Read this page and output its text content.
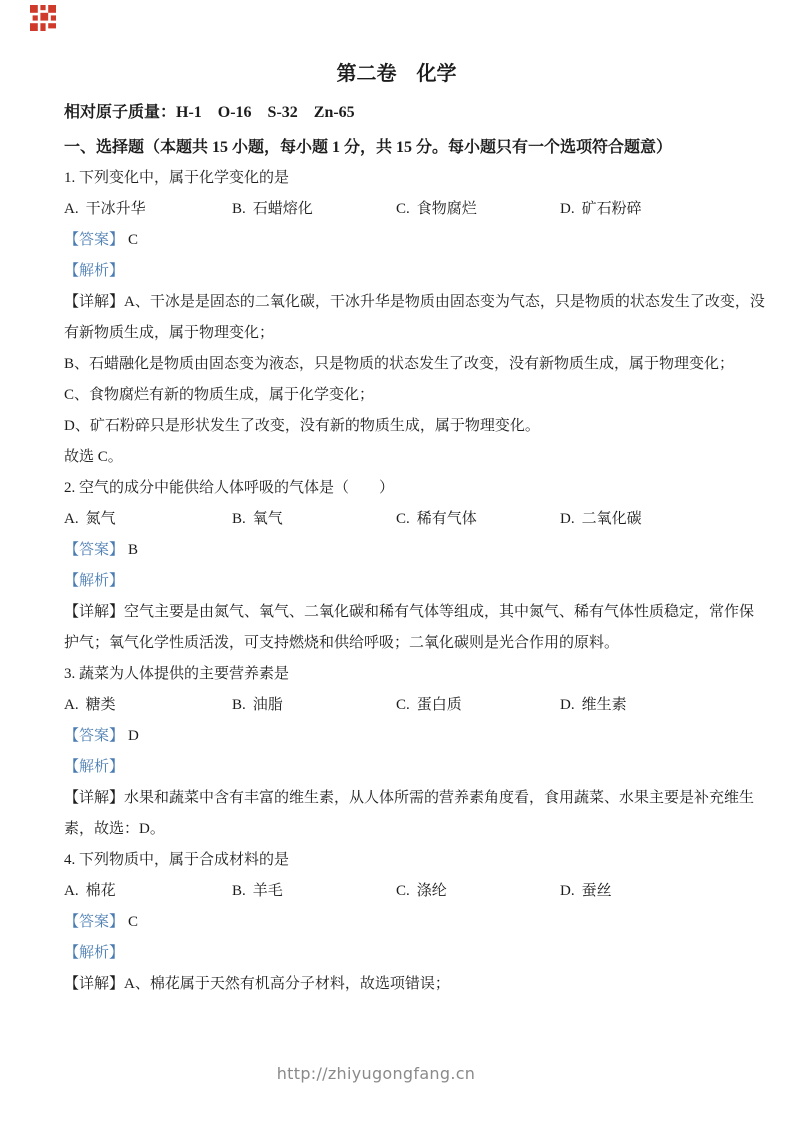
第二卷　化学
相对原子质量：H-1　O-16　S-32　Zn-65
一、选择题（本题共 15 小题，每小题 1 分，共 15 分。每小题只有一个选项符合题意）
1. 下列变化中，属于化学变化的是
A. 干冰升华	B. 石蜡熔化	C. 食物腐烂	D. 矿石粉碎
【答案】 C
【解析】
【详解】A、干冰是是固态的二氧化碳，干冰升华是物质由固态变为气态，只是物质的状态发生了改变，没
有新物质生成，属于物理变化；
B、石蜡融化是物质由固态变为液态，只是物质的状态发生了改变，没有新物质生成，属于物理变化；
C、食物腐烂有新的物质生成，属于化学变化；
D、矿石粉碎只是形状发生了改变，没有新的物质生成，属于物理变化。
故选 C。
2. 空气的成分中能供给人体呼吸的气体是（　　）
A. 氮气	B. 氧气	C. 稀有气体	D. 二氧化碳
【答案】 B
【解析】
【详解】空气主要是由氮气、氧气、二氧化碳和稀有气体等组成，其中氮气、稀有气体性质稳定，常作保
护气；氧气化学性质活泼，可支持燃烧和供给呼吸；二氧化碳则是光合作用的原料。
3. 蔬菜为人体提供的主要营养素是
A. 糖类	B. 油脂	C. 蛋白质	D. 维生素
【答案】 D
【解析】
【详解】水果和蔬菜中含有丰富的维生素，从人体所需的营养素角度看，食用蔬菜、水果主要是补充维生
素，故选：D。
4. 下列物质中，属于合成材料的是
A. 棉花	B. 羊毛	C. 涤纶	D. 蚕丝
【答案】 C
【解析】
【详解】A、棉花属于天然有机高分子材料，故选项错误；
http://zhiyugongfang.cn
